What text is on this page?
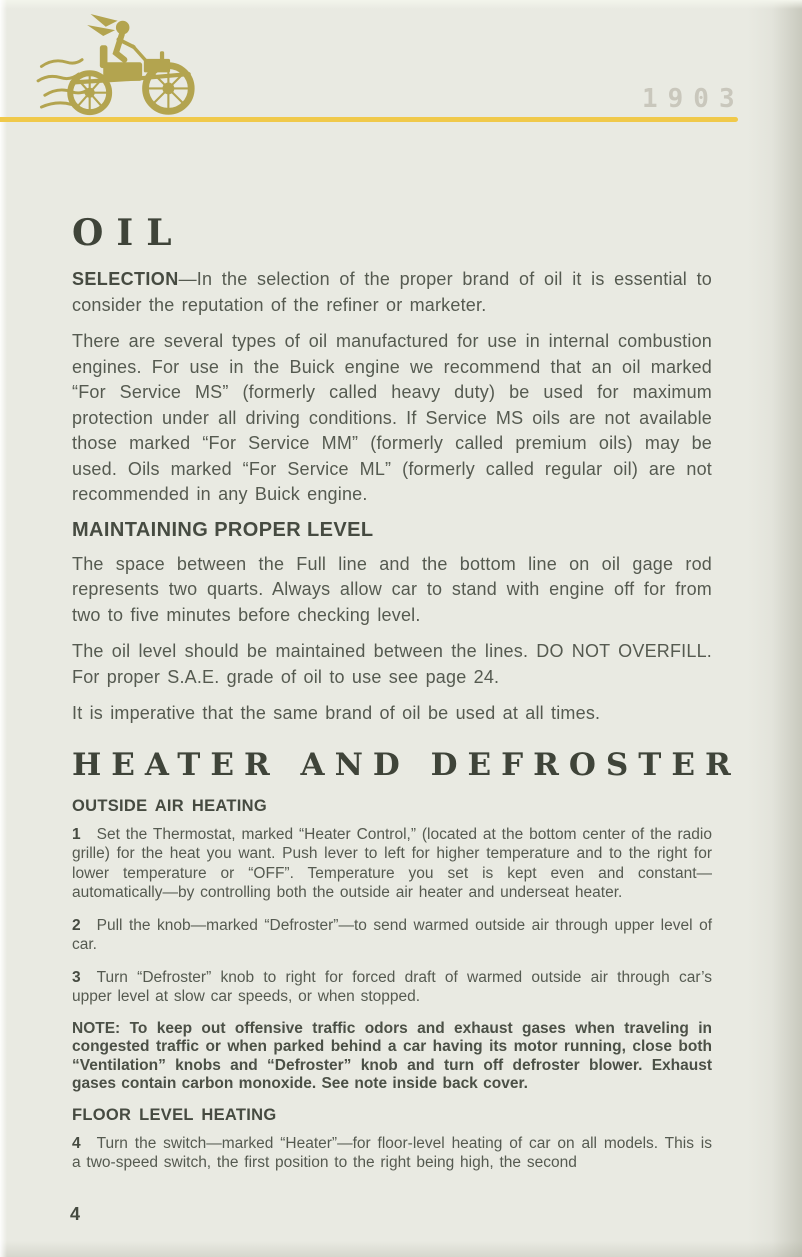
1903
OIL

SELECTION—In the selection of the proper brand of oil it is essential to consider the reputation of the refiner or marketer.

There are several types of oil manufactured for use in internal combustion engines. For use in the Buick engine we recommend that an oil marked “For Service MS” (formerly called heavy duty) be used for maximum protection under all driving conditions. If Service MS oils are not available those marked “For Service MM” (formerly called premium oils) may be used. Oils marked “For Service ML” (formerly called regular oil) are not recommended in any Buick engine.

MAINTAINING PROPER LEVEL

The space between the Full line and the bottom line on oil gage rod represents two quarts. Always allow car to stand with engine off for from two to five minutes before checking level.

The oil level should be maintained between the lines. DO NOT OVERFILL. For proper S.A.E. grade of oil to use see page 24.

It is imperative that the same brand of oil be used at all times.

HEATER AND DEFROSTER
OUTSIDE AIR HEATING

1 Set the Thermostat, marked “Heater Control,” (located at the bottom center of the radio grille) for the heat you want. Push lever to left for higher temperature and to the right for lower temperature or “OFF”. Temperature you set is kept even and constant—automatically—by controlling both the outside air heater and underseat heater.

2 Pull the knob—marked “Defroster”—to send warmed outside air through upper level of car.

3 Turn “Defroster” knob to right for forced draft of warmed outside air through car’s upper level at slow car speeds, or when stopped.

NOTE: To keep out offensive traffic odors and exhaust gases when traveling in congested traffic or when parked behind a car having its motor running, close both “Ventilation” knobs and “Defroster” knob and turn off defroster blower. Exhaust gases contain carbon monoxide. See note inside back cover.

FLOOR LEVEL HEATING

4 Turn the switch—marked “Heater”—for floor-level heating of car on all models. This is a two-speed switch, the first position to the right being high, the second

4
